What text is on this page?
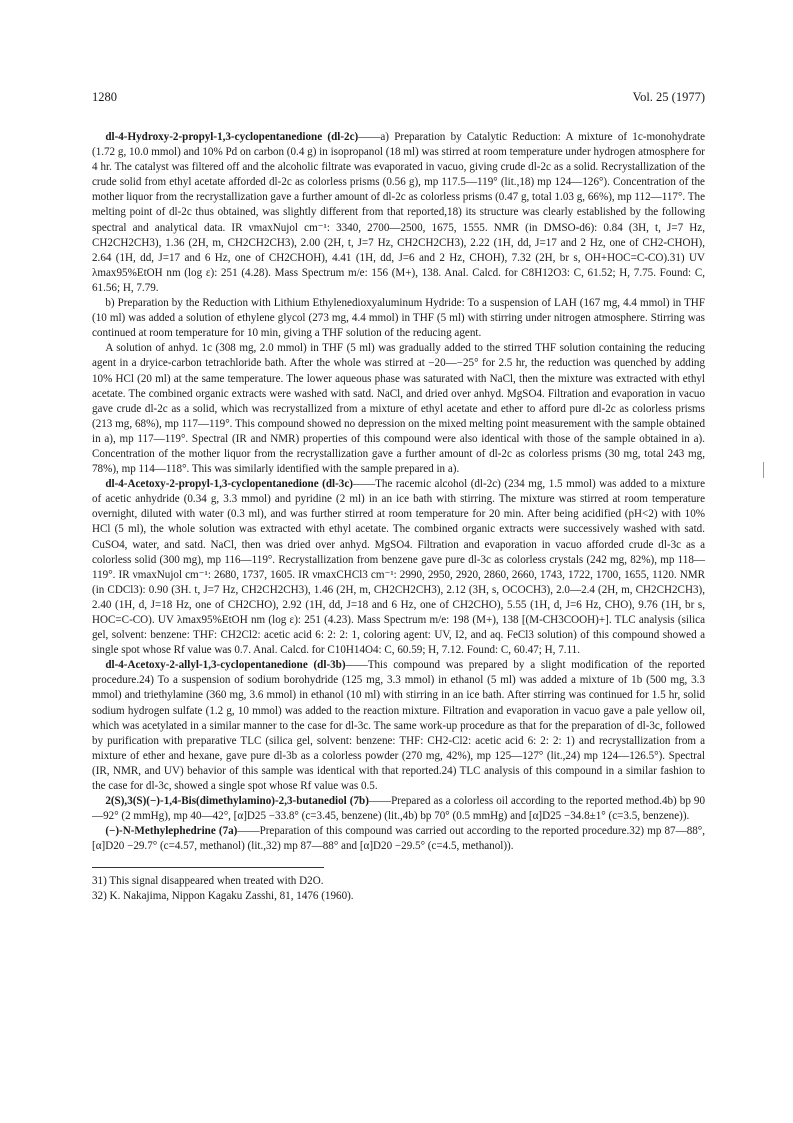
1280	Vol. 25 (1977)

dl-4-Hydroxy-2-propyl-1,3-cyclopentanedione (dl-2c)——a) Preparation by Catalytic Reduction: A mixture of 1c-monohydrate (1.72 g, 10.0 mmol) and 10% Pd on carbon (0.4 g) in isopropanol (18 ml) was stirred at room temperature under hydrogen atmosphere for 4 hr. The catalyst was filtered off and the alcoholic filtrate was evaporated in vacuo, giving crude dl-2c as a solid. Recrystallization of the crude solid from ethyl acetate afforded dl-2c as colorless prisms (0.56 g), mp 117.5—119° (lit.,18) mp 124—126°). Concentration of the mother liquor from the recrystallization gave a further amount of dl-2c as colorless prisms (0.47 g, total 1.03 g, 66%), mp 112—117°. The melting point of dl-2c thus obtained, was slightly different from that reported,18) its structure was clearly established by the following spectral and analytical data. IR νmaxNujol cm⁻¹: 3340, 2700—2500, 1675, 1555. NMR (in DMSO-d6): 0.84 (3H, t, J=7 Hz, CH2CH2CH3), 1.36 (2H, m, CH2CH2CH3), 2.00 (2H, t, J=7 Hz, CH2CH2CH3), 2.22 (1H, dd, J=17 and 2 Hz, one of CH2-CHOH), 2.64 (1H, dd, J=17 and 6 Hz, one of CH2CHOH), 4.41 (1H, dd, J=6 and 2 Hz, CHOH), 7.32 (2H, br s, OH+HOC=C-CO).31) UV λmax95%EtOH nm (log ε): 251 (4.28). Mass Spectrum m/e: 156 (M+), 138. Anal. Calcd. for C8H12O3: C, 61.52; H, 7.75. Found: C, 61.56; H, 7.79.

b) Preparation by the Reduction with Lithium Ethylenedioxyaluminum Hydride: To a suspension of LAH (167 mg, 4.4 mmol) in THF (10 ml) was added a solution of ethylene glycol (273 mg, 4.4 mmol) in THF (5 ml) with stirring under nitrogen atmosphere. Stirring was continued at room temperature for 10 min, giving a THF solution of the reducing agent.

A solution of anhyd. 1c (308 mg, 2.0 mmol) in THF (5 ml) was gradually added to the stirred THF solution containing the reducing agent in a dryice-carbon tetrachloride bath. After the whole was stirred at −20—−25° for 2.5 hr, the reduction was quenched by adding 10% HCl (20 ml) at the same temperature. The lower aqueous phase was saturated with NaCl, then the mixture was extracted with ethyl acetate. The combined organic extracts were washed with satd. NaCl, and dried over anhyd. MgSO4. Filtration and evaporation in vacuo gave crude dl-2c as a solid, which was recrystallized from a mixture of ethyl acetate and ether to afford pure dl-2c as colorless prisms (213 mg, 68%), mp 117—119°. This compound showed no depression on the mixed melting point measurement with the sample obtained in a), mp 117—119°. Spectral (IR and NMR) properties of this compound were also identical with those of the sample obtained in a). Concentration of the mother liquor from the recrystallization gave a further amount of dl-2c as colorless prisms (30 mg, total 243 mg, 78%), mp 114—118°. This was similarly identified with the sample prepared in a).

dl-4-Acetoxy-2-propyl-1,3-cyclopentanedione (dl-3c)——The racemic alcohol (dl-2c) (234 mg, 1.5 mmol) was added to a mixture of acetic anhydride (0.34 g, 3.3 mmol) and pyridine (2 ml) in an ice bath with stirring. The mixture was stirred at room temperature overnight, diluted with water (0.3 ml), and was further stirred at room temperature for 20 min. After being acidified (pH<2) with 10% HCl (5 ml), the whole solution was extracted with ethyl acetate. The combined organic extracts were successively washed with satd. CuSO4, water, and satd. NaCl, then was dried over anhyd. MgSO4. Filtration and evaporation in vacuo afforded crude dl-3c as a colorless solid (300 mg), mp 116—119°. Recrystallization from benzene gave pure dl-3c as colorless crystals (242 mg, 82%), mp 118—119°. IR νmaxNujol cm⁻¹: 2680, 1737, 1605. IR νmaxCHCl3 cm⁻¹: 2990, 2950, 2920, 2860, 2660, 1743, 1722, 1700, 1655, 1120. NMR (in CDCl3): 0.90 (3H. t, J=7 Hz, CH2CH2CH3), 1.46 (2H, m, CH2CH2CH3), 2.12 (3H, s, OCOCH3), 2.0—2.4 (2H, m, CH2CH2CH3), 2.40 (1H, d, J=18 Hz, one of CH2CHO), 2.92 (1H, dd, J=18 and 6 Hz, one of CH2CHO), 5.55 (1H, d, J=6 Hz, CHO), 9.76 (1H, br s, HOC=C-CO). UV λmax95%EtOH nm (log ε): 251 (4.23). Mass Spectrum m/e: 198 (M+), 138 [(M-CH3COOH)+]. TLC analysis (silica gel, solvent: benzene: THF: CH2Cl2: acetic acid 6: 2: 2: 1, coloring agent: UV, I2, and aq. FeCl3 solution) of this compound showed a single spot whose Rf value was 0.7. Anal. Calcd. for C10H14O4: C, 60.59; H, 7.12. Found: C, 60.47; H, 7.11.

dl-4-Acetoxy-2-allyl-1,3-cyclopentanedione (dl-3b)——This compound was prepared by a slight modification of the reported procedure.24) To a suspension of sodium borohydride (125 mg, 3.3 mmol) in ethanol (5 ml) was added a mixture of 1b (500 mg, 3.3 mmol) and triethylamine (360 mg, 3.6 mmol) in ethanol (10 ml) with stirring in an ice bath. After stirring was continued for 1.5 hr, solid sodium hydrogen sulfate (1.2 g, 10 mmol) was added to the reaction mixture. Filtration and evaporation in vacuo gave a pale yellow oil, which was acetylated in a similar manner to the case for dl-3c. The same work-up procedure as that for the preparation of dl-3c, followed by purification with preparative TLC (silica gel, solvent: benzene: THF: CH2-Cl2: acetic acid 6: 2: 2: 1) and recrystallization from a mixture of ether and hexane, gave pure dl-3b as a colorless powder (270 mg, 42%), mp 125—127° (lit.,24) mp 124—126.5°). Spectral (IR, NMR, and UV) behavior of this sample was identical with that reported.24) TLC analysis of this compound in a similar fashion to the case for dl-3c, showed a single spot whose Rf value was 0.5.

2(S),3(S)(−)-1,4-Bis(dimethylamino)-2,3-butanediol (7b)——Prepared as a colorless oil according to the reported method.4b) bp 90—92° (2 mmHg), mp 40—42°, [α]D25 −33.8° (c=3.45, benzene) (lit.,4b) bp 70° (0.5 mmHg) and [α]D25 −34.8±1° (c=3.5, benzene)).

(−)-N-Methylephedrine (7a)——Preparation of this compound was carried out according to the reported procedure.32) mp 87—88°, [α]D20 −29.7° (c=4.57, methanol) (lit.,32) mp 87—88° and [α]D20 −29.5° (c=4.5, methanol)).

31) This signal disappeared when treated with D2O.
32) K. Nakajima, Nippon Kagaku Zasshi, 81, 1476 (1960).
